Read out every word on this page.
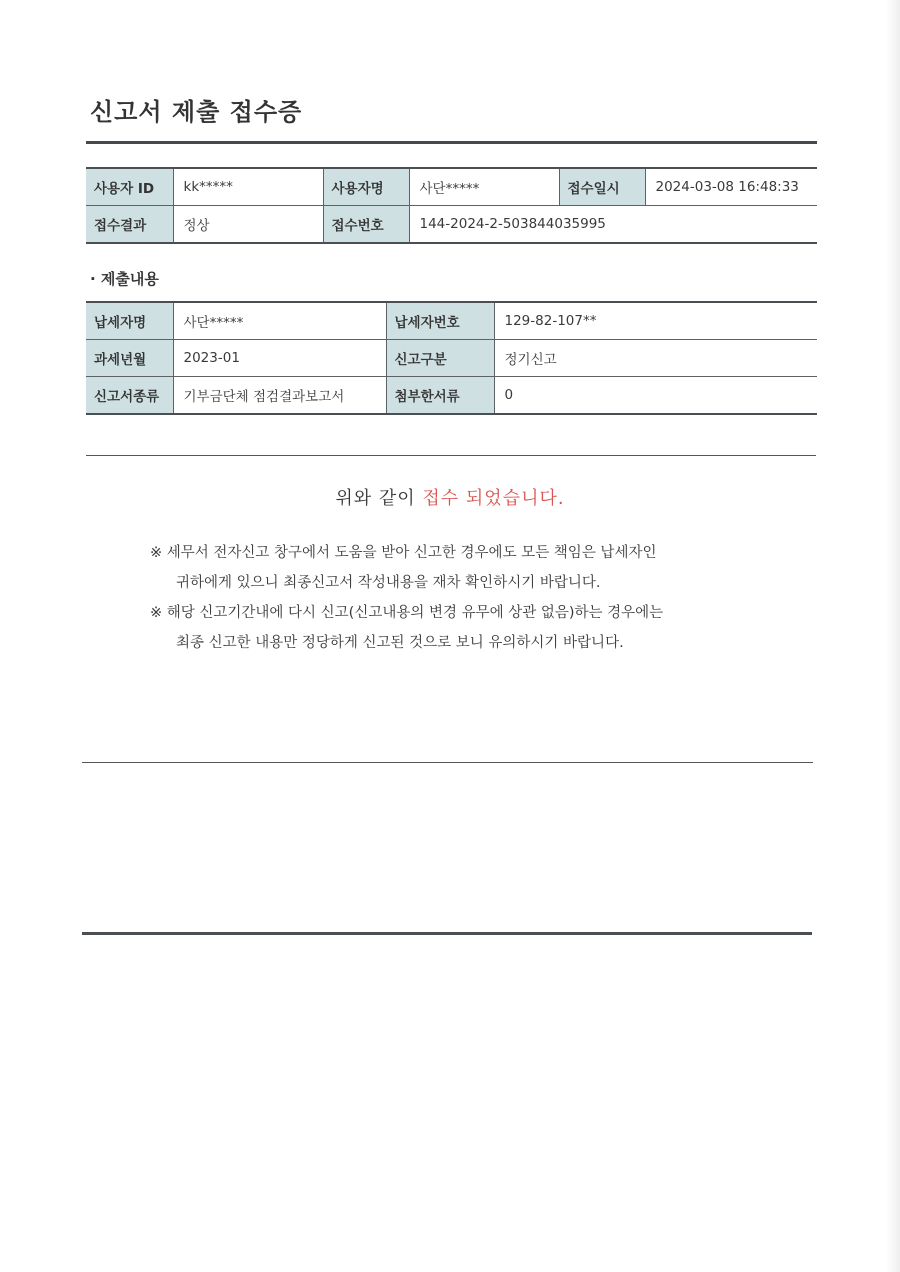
신고서 제출 접수증
사용자 ID	kk*****	사용자명	사단*****	접수일시	2024-03-08 16:48:33
접수결과	정상	접수번호	144-2024-2-503844035995		
· 제출내용
납세자명	사단*****	납세자번호	129-82-107**
과세년월	2023-01	신고구분	정기신고
신고서종류	기부금단체 점검결과보고서	첨부한서류	0
위와 같이 접수 되었습니다.
※ 세무서 전자신고 창구에서 도움을 받아 신고한 경우에도 모든 책임은 납세자인
귀하에게 있으니 최종신고서 작성내용을 재차 확인하시기 바랍니다.
※ 해당 신고기간내에 다시 신고(신고내용의 변경 유무에 상관 없음)하는 경우에는
최종 신고한 내용만 정당하게 신고된 것으로 보니 유의하시기 바랍니다.
